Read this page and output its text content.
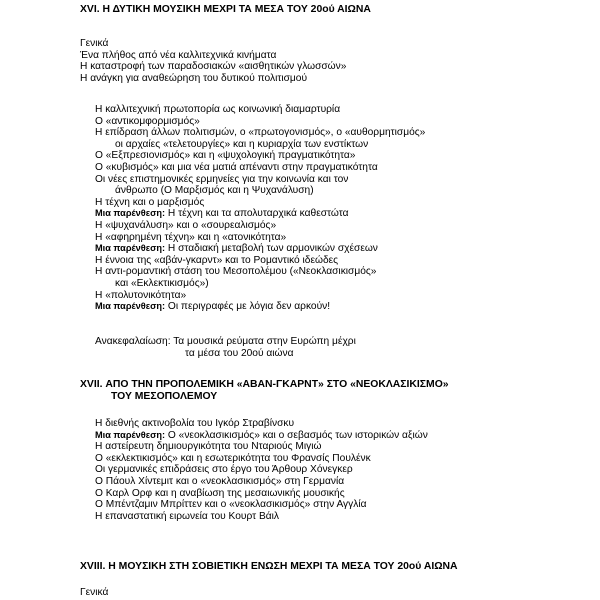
XVI. Η ΔΥΤΙΚΗ ΜΟΥΣΙΚΗ ΜΕΧΡΙ ΤΑ ΜΕΣΑ ΤΟΥ 20ού ΑΙΩΝΑ
Γενικά
Ένα πλήθος από νέα καλλιτεχνικά κινήματα
Η καταστροφή των παραδοσιακών «αισθητικών γλωσσών»
Η ανάγκη για αναθεώρηση του δυτικού πολιτισμού
Η καλλιτεχνική πρωτοπορία ως κοινωνική διαμαρτυρία
Ο «αντικομφορμισμός»
Η επίδραση άλλων πολιτισμών, ο «πρωτογονισμός», ο «αυθορμητισμός»
οι αρχαίες «τελετουργίες» και η κυριαρχία των ενστίκτων
Ο «Εξπρεσιονισμός» και η «ψυχολογική πραγματικότητα»
Ο «κυβισμός» και μια νέα ματιά απέναντι στην πραγματικότητα
Οι νέες επιστημονικές ερμηνείες για την κοινωνία και τον
άνθρωπο (Ο Μαρξισμός και η Ψυχανάλυση)
Η τέχνη και ο μαρξισμός
Μια παρένθεση: Η τέχνη και τα απολυταρχικά καθεστώτα
Η «ψυχανάλυση» και ο «σουρεαλισμός»
Η «αφηρημένη τέχνη» και η «ατονικότητα»
Μια παρένθεση: Η σταδιακή μεταβολή των αρμονικών σχέσεων
Η έννοια της «αβάν-γκαρντ» και το Ρομαντικό ιδεώδες
Η αντι-ρομαντική στάση του Μεσοπολέμου («Νεοκλασικισμός»
και «Εκλεκτικισμός»)
Η «πολυτονικότητα»
Μια παρένθεση: Οι περιγραφές με λόγια δεν αρκούν!
Ανακεφαλαίωση: Τα μουσικά ρεύματα στην Ευρώπη μέχρι
τα μέσα του 20ού αιώνα
XVII. ΑΠΟ ΤΗΝ ΠΡΟΠΟΛΕΜΙΚΗ «ΑΒΑΝ-ΓΚΑΡΝΤ» ΣΤΟ «ΝΕΟΚΛΑΣΙΚΙΣΜΟ»
ΤΟΥ ΜΕΣΟΠΟΛΕΜΟΥ
Η διεθνής ακτινοβολία του Ιγκόρ Στραβίνσκυ
Μια παρένθεση: Ο «νεοκλασικισμός» και ο σεβασμός των ιστορικών αξιών
Η αστείρευτη δημιουργικότητα του Νταριούς Μιγιώ
Ο «εκλεκτικισμός» και η εσωτερικότητα του Φρανσίς Πουλένκ
Οι γερμανικές επιδράσεις στο έργο του Άρθουρ Χόνεγκερ
Ο Πάουλ Χίντεμιτ και ο «νεοκλασικισμός» στη Γερμανία
Ο Καρλ Ορφ και η αναβίωση της μεσαιωνικής μουσικής
Ο Μπέντζαμιν Μπρίττεν και ο «νεοκλασικισμός» στην Αγγλία
Η επαναστατική ειρωνεία του Κουρτ Βάιλ
XVIII. Η ΜΟΥΣΙΚΗ ΣΤΗ ΣΟΒΙΕΤΙΚΗ ΕΝΩΣΗ ΜΕΧΡΙ ΤΑ ΜΕΣΑ ΤΟΥ 20ού ΑΙΩΝΑ
Γενικά
